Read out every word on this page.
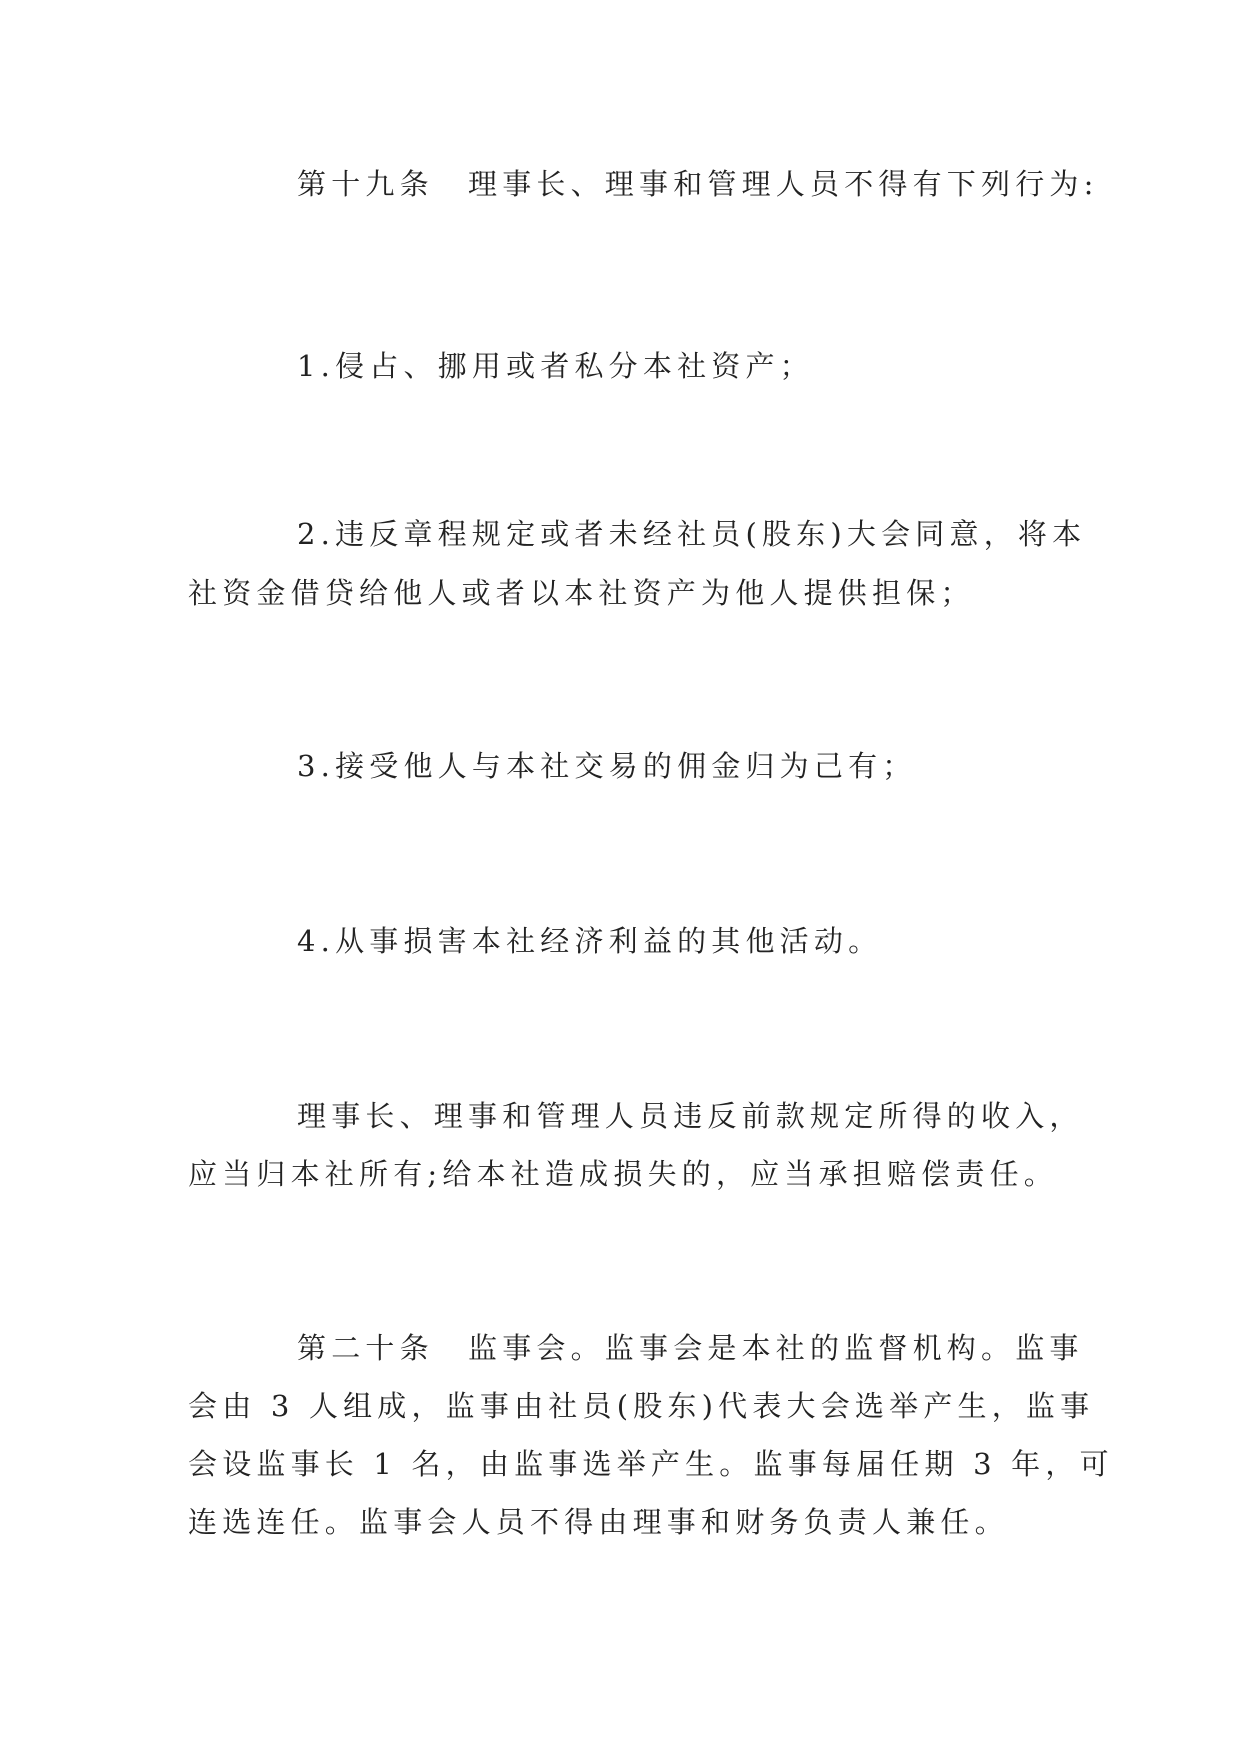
第十九条　理事长、理事和管理人员不得有下列行为:
1.侵占、挪用或者私分本社资产；
2.违反章程规定或者未经社员(股东)大会同意，将本
社资金借贷给他人或者以本社资产为他人提供担保；
3.接受他人与本社交易的佣金归为己有；
4.从事损害本社经济利益的其他活动。
理事长、理事和管理人员违反前款规定所得的收入，
应当归本社所有;给本社造成损失的，应当承担赔偿责任。
第二十条　监事会。监事会是本社的监督机构。监事
会由 3 人组成，监事由社员(股东)代表大会选举产生，监事
会设监事长 1 名，由监事选举产生。监事每届任期 3 年，可
连选连任。监事会人员不得由理事和财务负责人兼任。
